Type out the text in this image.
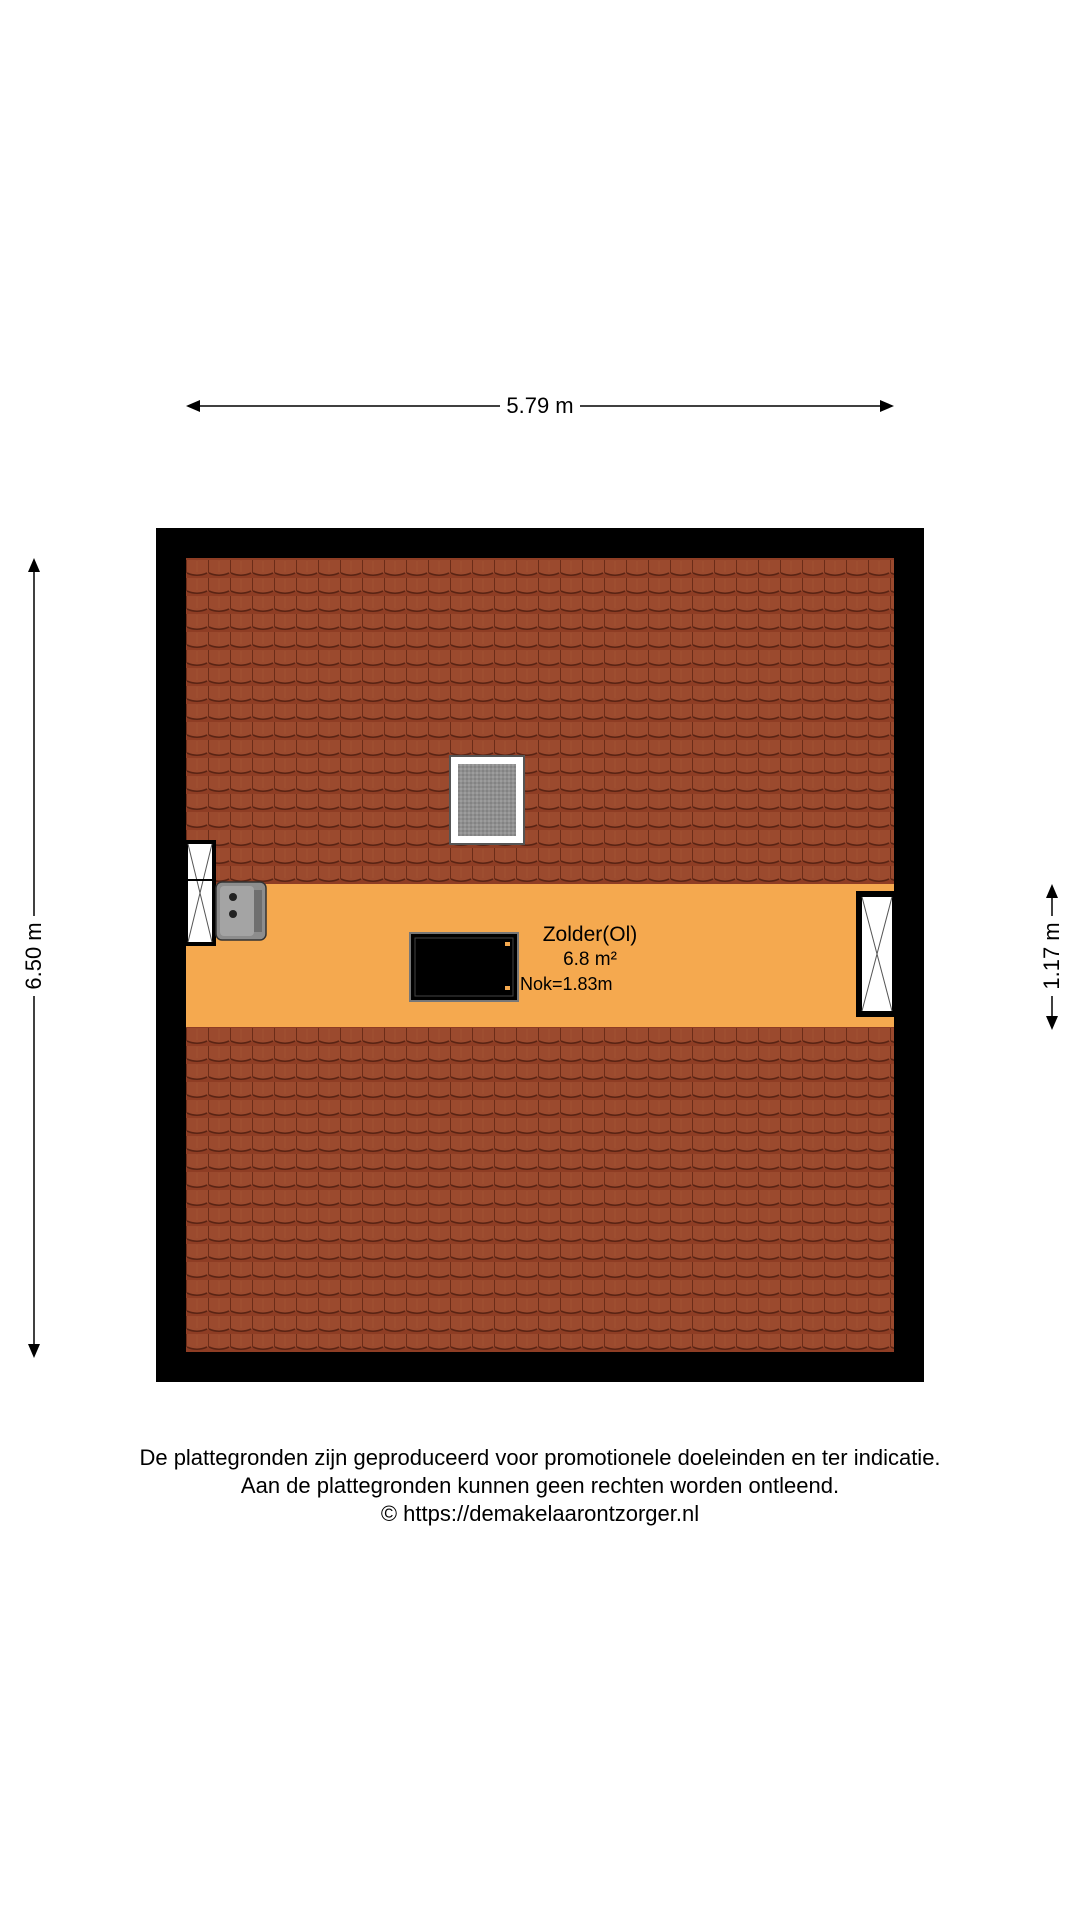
5.79 m
6.50 m	1.17 m
Zolder(Ol)
6.8 m²
Nok=1.83m
De plattegronden zijn geproduceerd voor promotionele doeleinden en ter indicatie.
Aan de plattegronden kunnen geen rechten worden ontleend.
© https://demakelaarontzorger.nl
